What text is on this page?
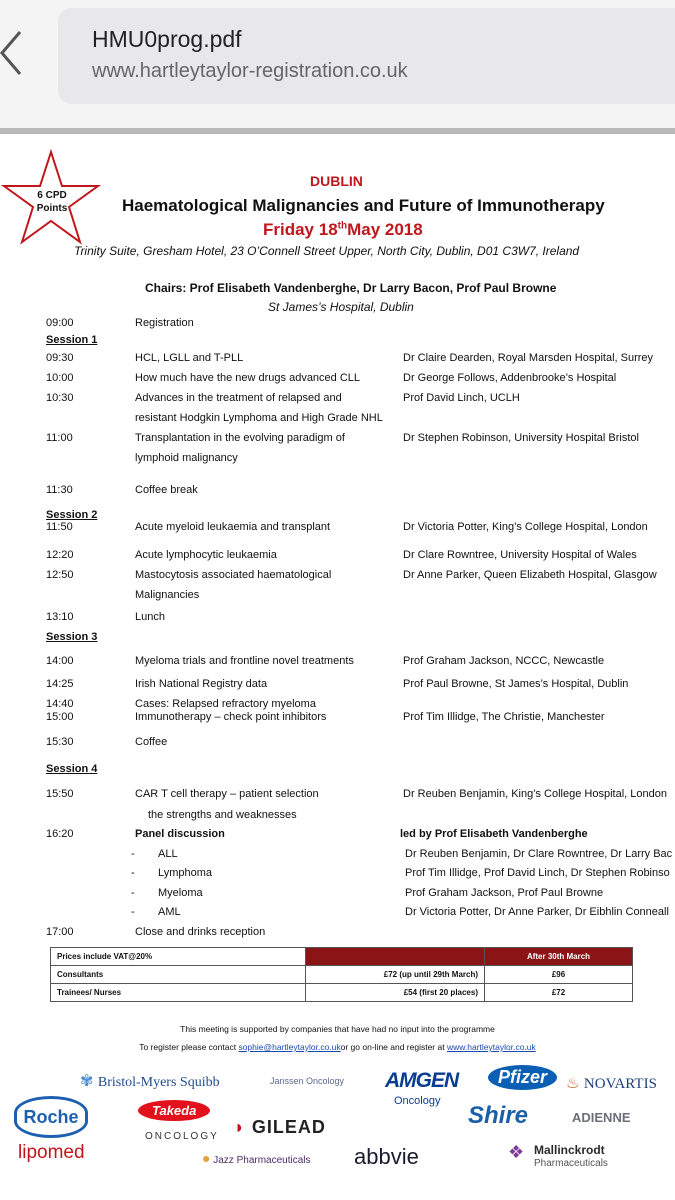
HMU0prog.pdf
www.hartleytaylor-registration.co.uk
6 CPD
Points
DUBLIN
Haematological Malignancies and Future of Immunotherapy
Friday 18thMay 2018
Trinity Suite, Gresham Hotel, 23 O’Connell Street Upper, North City, Dublin, D01 C3W7, Ireland
Chairs: Prof Elisabeth Vandenberghe, Dr Larry Bacon, Prof Paul Browne
St James’s Hospital, Dublin
09:00	Registration
Session 1
09:30	HCL, LGLL and T-PLL	Dr Claire Dearden, Royal Marsden Hospital, Surrey
10:00	How much have the new drugs advanced CLL	Dr George Follows, Addenbrooke’s Hospital
10:30	Advances in the treatment of relapsed and	Prof David Linch, UCLH
resistant Hodgkin Lymphoma and High Grade NHL
11:00	Transplantation in the evolving paradigm of	Dr Stephen Robinson, University Hospital Bristol
lymphoid malignancy
11:30	Coffee break
Session 2
11:50	Acute myeloid leukaemia and transplant	Dr Victoria Potter, King’s College Hospital, London
12:20	Acute lymphocytic leukaemia	Dr Clare Rowntree, University Hospital of Wales
12:50	Mastocytosis associated haematological	Dr Anne Parker, Queen Elizabeth Hospital, Glasgow
Malignancies
13:10	Lunch
Session 3
14:00	Myeloma trials and frontline novel treatments	Prof Graham Jackson, NCCC, Newcastle
14:25	Irish National Registry data	Prof Paul Browne, St James’s Hospital, Dublin
14:40	Cases: Relapsed refractory myeloma
15:00	Immunotherapy – check point inhibitors	Prof Tim Illidge, The Christie, Manchester
15:30	Coffee
Session 4
15:50	CAR T cell therapy – patient selection	Dr Reuben Benjamin, King’s College Hospital, London
the strengths and weaknesses
16:20	Panel discussion	led by Prof Elisabeth Vandenberghe
- ALL	Dr Reuben Benjamin, Dr Clare Rowntree, Dr Larry Bac
- Lymphoma	Prof Tim Illidge, Prof David Linch, Dr Stephen Robinso
- Myeloma	Prof Graham Jackson, Prof Paul Browne
- AML	Dr Victoria Potter, Dr Anne Parker, Dr Eibhlin Conneall
17:00	Close and drinks reception
Prices include VAT@20%		After 30th March
Consultants	£72 (up until 29th March)	£96
Trainees/ Nurses	£54 (first 20 places)	£72
This meeting is supported by companies that have had no input into the programme
To register please contact sophie@hartleytaylor.co.ukor go on-line and register at www.hartleytaylor.co.uk
✾ Bristol-Myers Squibb	Janssen Oncology AMGEN
Oncology
Pfizer	♨ NOVARTIS
Roche	Takeda
ONCOLOGY ◗ GILEAD	Shire	ADIENNE
lipomed	● Jazz Pharmaceuticals abbvie	❖ Mallinckrodt
Pharmaceuticals
